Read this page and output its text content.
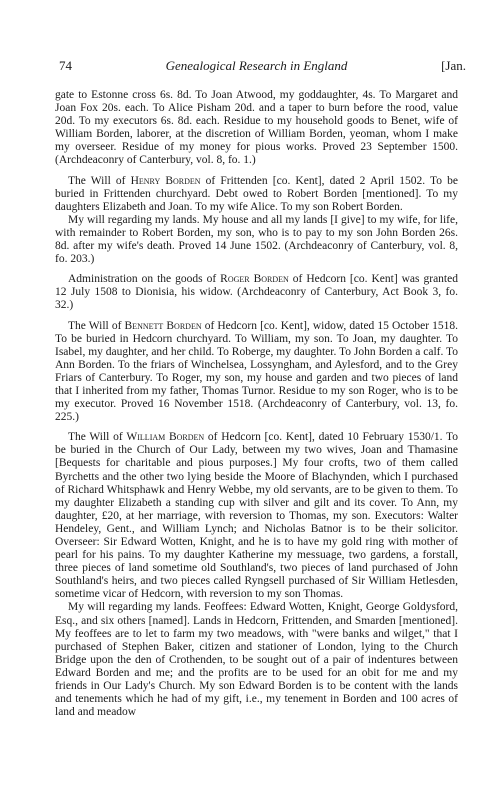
74	Genealogical Research in England	[Jan.

gate to Estonne cross 6s. 8d. To Joan Atwood, my goddaughter, 4s. To Margaret and Joan Fox 20s. each. To Alice Pisham 20d. and a taper to burn before the rood, value 20d. To my executors 6s. 8d. each. Residue to my household goods to Benet, wife of William Borden, laborer, at the discretion of William Borden, yeoman, whom I make my overseer. Residue of my money for pious works. Proved 23 September 1500. (Archdeaconry of Canterbury, vol. 8, fo. 1.)

The Will of Henry Borden of Frittenden [co. Kent], dated 2 April 1502. To be buried in Frittenden churchyard. Debt owed to Robert Borden [mentioned]. To my daughters Elizabeth and Joan. To my wife Alice. To my son Robert Borden.

My will regarding my lands. My house and all my lands [I give] to my wife, for life, with remainder to Robert Borden, my son, who is to pay to my son John Borden 26s. 8d. after my wife's death. Proved 14 June 1502. (Archdeaconry of Canterbury, vol. 8, fo. 203.)

Administration on the goods of Roger Borden of Hedcorn [co. Kent] was granted 12 July 1508 to Dionisia, his widow. (Archdeaconry of Canterbury, Act Book 3, fo. 32.)

The Will of Bennett Borden of Hedcorn [co. Kent], widow, dated 15 October 1518. To be buried in Hedcorn churchyard. To William, my son. To Joan, my daughter. To Isabel, my daughter, and her child. To Roberge, my daughter. To John Borden a calf. To Ann Borden. To the friars of Winchelsea, Lossyngham, and Aylesford, and to the Grey Friars of Canterbury. To Roger, my son, my house and garden and two pieces of land that I inherited from my father, Thomas Turnor. Residue to my son Roger, who is to be my executor. Proved 16 November 1518. (Archdeaconry of Canterbury, vol. 13, fo. 225.)

The Will of William Borden of Hedcorn [co. Kent], dated 10 February 1530/1. To be buried in the Church of Our Lady, between my two wives, Joan and Thamasine [Bequests for charitable and pious purposes.] My four crofts, two of them called Byrchetts and the other two lying beside the Moore of Blachynden, which I purchased of Richard Whitsphawk and Henry Webbe, my old servants, are to be given to them. To my daughter Elizabeth a standing cup with silver and gilt and its cover. To Ann, my daughter, £20, at her marriage, with reversion to Thomas, my son. Executors: Walter Hendeley, Gent., and William Lynch; and Nicholas Batnor is to be their solicitor. Overseer: Sir Edward Wotten, Knight, and he is to have my gold ring with mother of pearl for his pains. To my daughter Katherine my messuage, two gardens, a forstall, three pieces of land sometime old Southland's, two pieces of land purchased of John Southland's heirs, and two pieces called Ryngsell purchased of Sir William Hetlesden, sometime vicar of Hedcorn, with reversion to my son Thomas.

My will regarding my lands. Feoffees: Edward Wotten, Knight, George Goldysford, Esq., and six others [named]. Lands in Hedcorn, Frittenden, and Smarden [mentioned]. My feoffees are to let to farm my two meadows, with "were banks and wilget," that I purchased of Stephen Baker, citizen and stationer of London, lying to the Church Bridge upon the den of Crothenden, to be sought out of a pair of indentures between Edward Borden and me; and the profits are to be used for an obit for me and my friends in Our Lady's Church. My son Edward Borden is to be content with the lands and tenements which he had of my gift, i.e., my tenement in Borden and 100 acres of land and meadow
